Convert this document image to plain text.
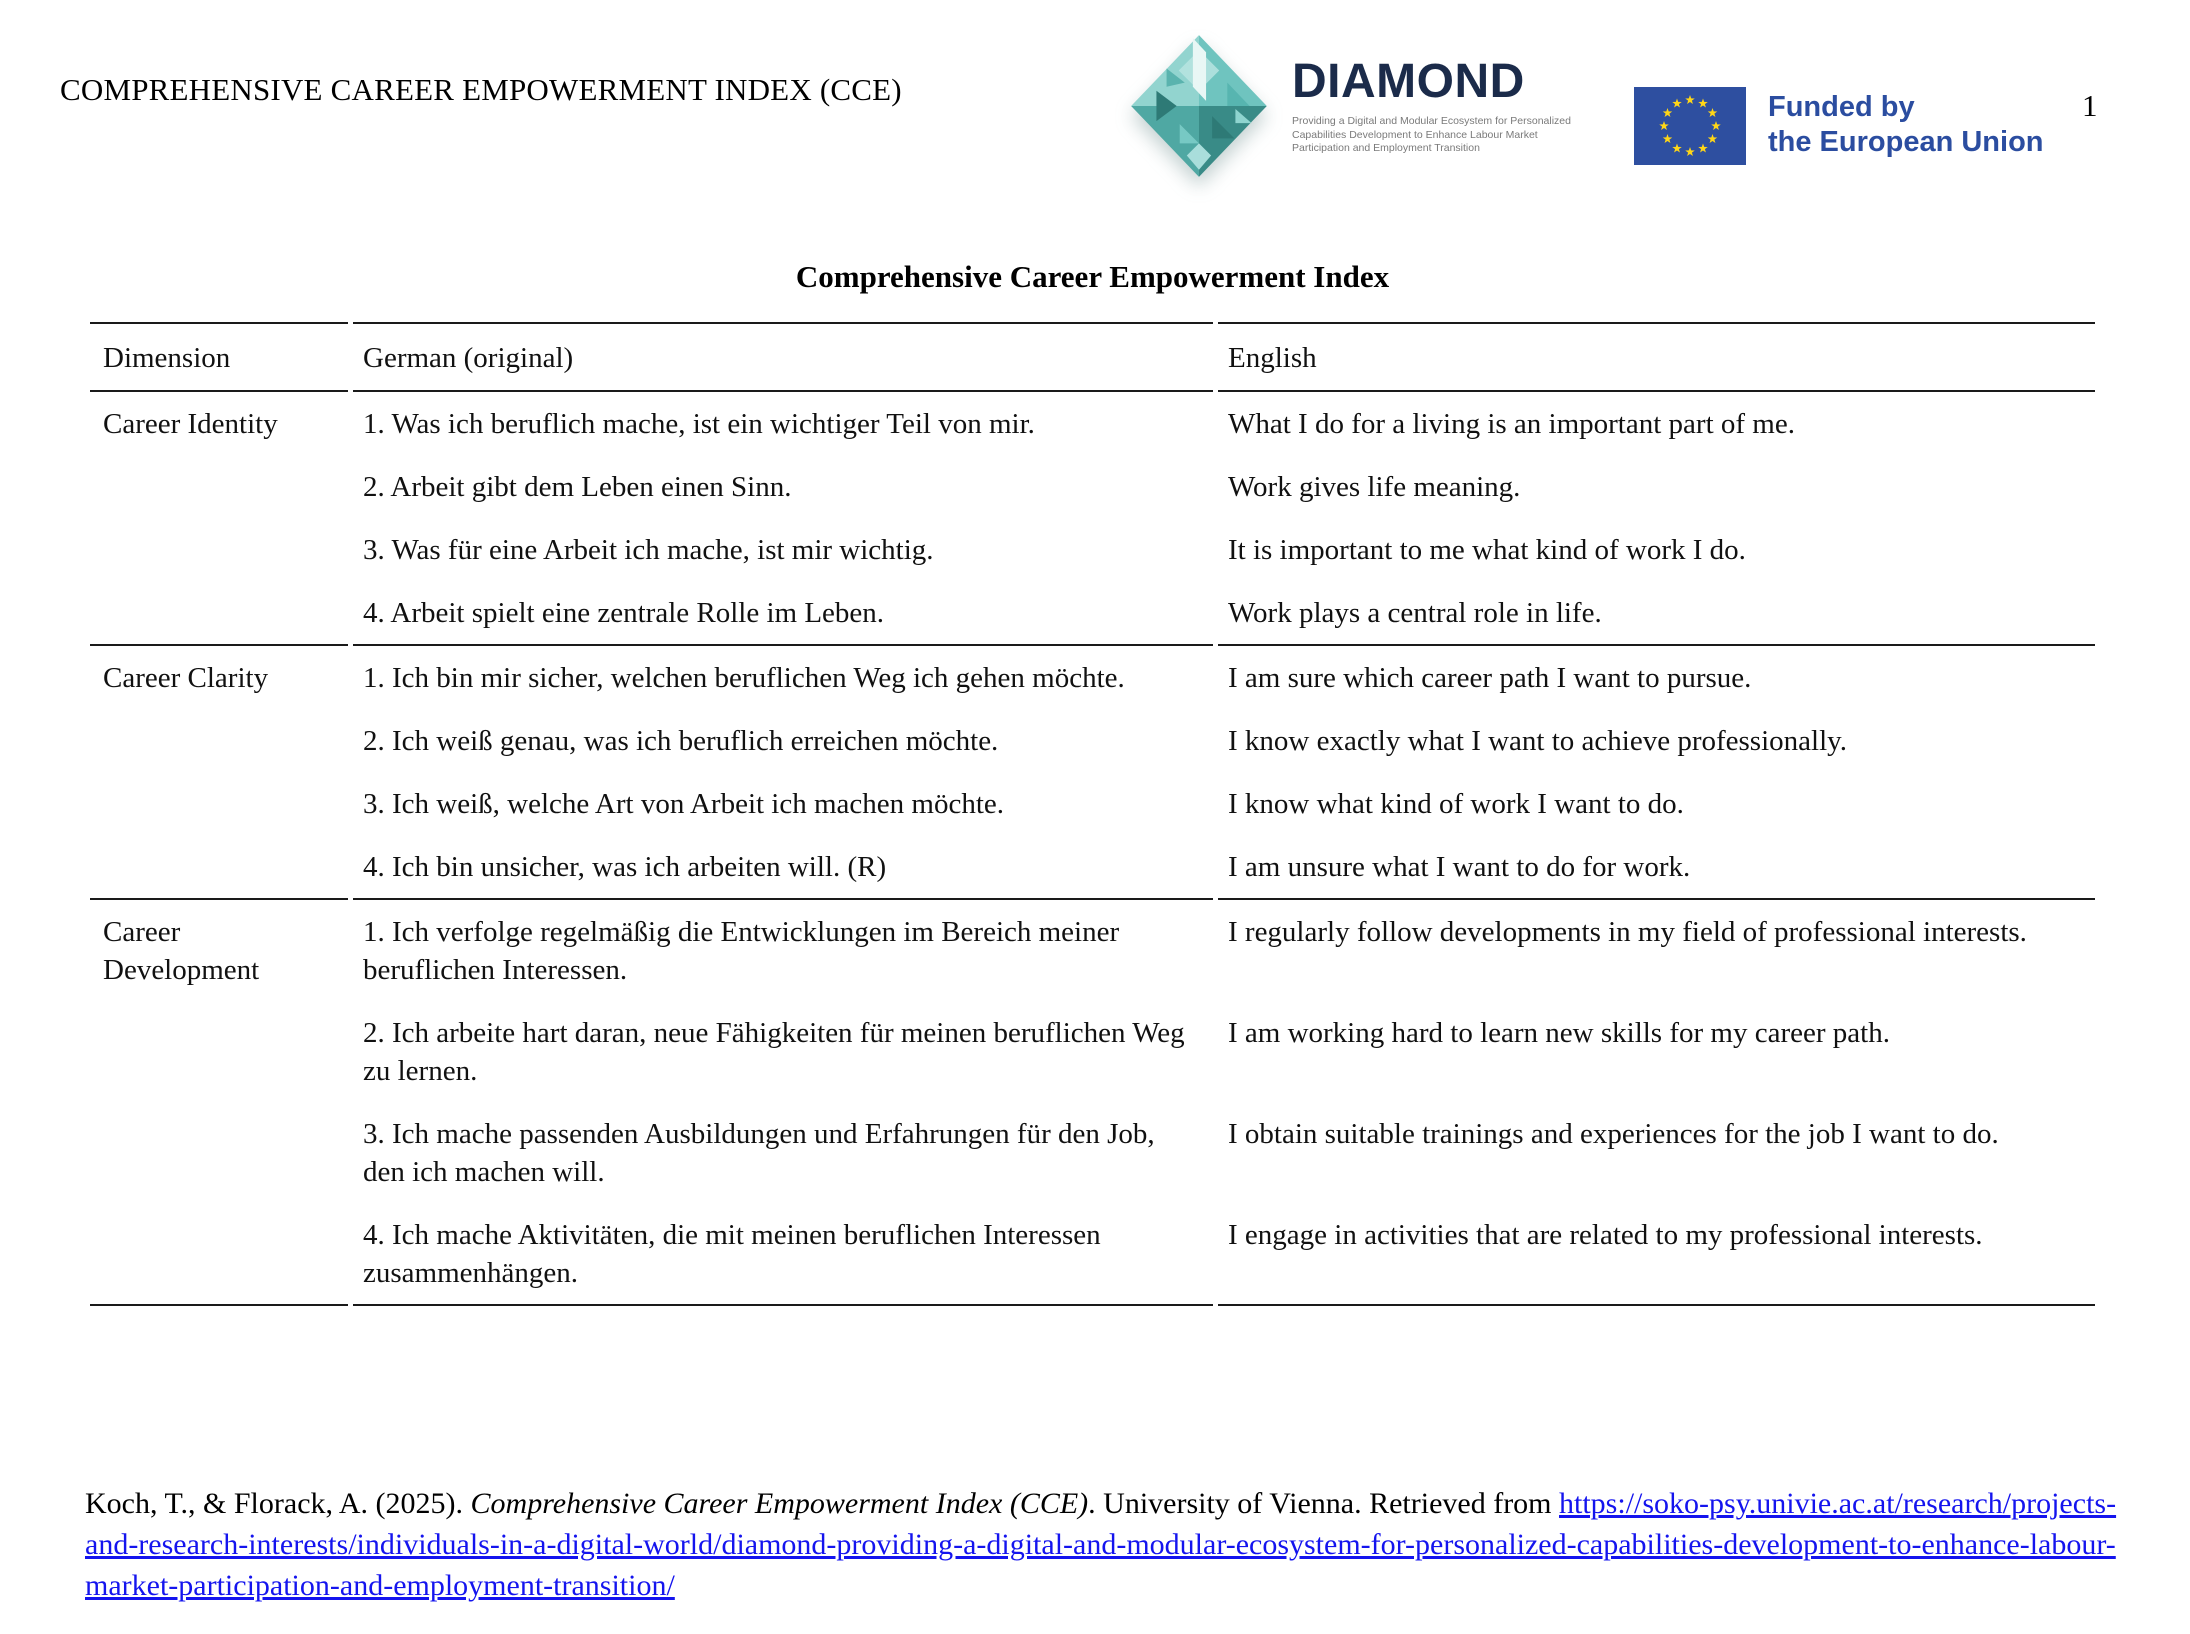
COMPREHENSIVE CAREER EMPOWERMENT INDEX (CCE)	DIAMOND
Providing a Digital and Modular Ecosystem for Personalized Capabilities Development to Enhance Labour Market Participation and Employment Transition
Funded by
the European Union
1
Comprehensive Career Empowerment Index
Dimension	German (original)	English
Career Identity	1. Was ich beruflich mache, ist ein wichtiger Teil von mir.	What I do for a living is an important part of me.
	2. Arbeit gibt dem Leben einen Sinn.	Work gives life meaning.
	3. Was für eine Arbeit ich mache, ist mir wichtig.	It is important to me what kind of work I do.
	4. Arbeit spielt eine zentrale Rolle im Leben.	Work plays a central role in life.
Career Clarity	1. Ich bin mir sicher, welchen beruflichen Weg ich gehen möchte.	I am sure which career path I want to pursue.
	2. Ich weiß genau, was ich beruflich erreichen möchte.	I know exactly what I want to achieve professionally.
	3. Ich weiß, welche Art von Arbeit ich machen möchte.	I know what kind of work I want to do.
	4. Ich bin unsicher, was ich arbeiten will. (R)	I am unsure what I want to do for work.
Career Development	1. Ich verfolge regelmäßig die Entwicklungen im Bereich meiner beruflichen Interessen.	I regularly follow developments in my field of professional interests.
	2. Ich arbeite hart daran, neue Fähigkeiten für meinen beruflichen Weg zu lernen.	I am working hard to learn new skills for my career path.
	3. Ich mache passenden Ausbildungen und Erfahrungen für den Job, den ich machen will.	I obtain suitable trainings and experiences for the job I want to do.
	4. Ich mache Aktivitäten, die mit meinen beruflichen Interessen zusammenhängen.	I engage in activities that are related to my professional interests.
Koch, T., & Florack, A. (2025). Comprehensive Career Empowerment Index (CCE). University of Vienna. Retrieved from https://soko-psy.univie.ac.at/research/projects-and-research-interests/individuals-in-a-digital-world/diamond-providing-a-digital-and-modular-ecosystem-for-personalized-capabilities-development-to-enhance-labour-market-participation-and-employment-transition/
